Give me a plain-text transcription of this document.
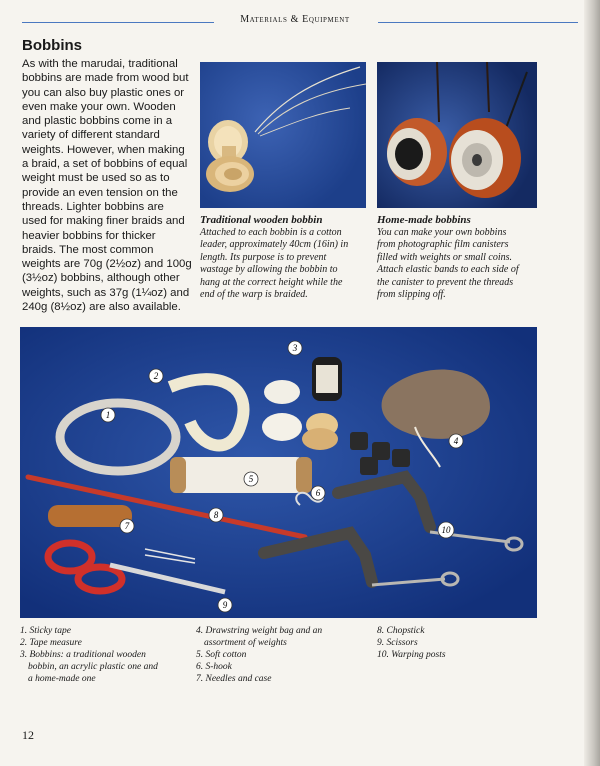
Materials & Equipment
Bobbins
As with the marudai, traditional
bobbins are made from wood but
you can also buy plastic ones or
even make your own. Wooden
and plastic bobbins come in a
variety of different standard
weights. However, when making
a braid, a set of bobbins of equal
weight must be used so as to
provide an even tension on the
threads. Lighter bobbins are
used for making finer braids and
heavier bobbins for thicker
braids. The most common
weights are 70g (2½oz) and 100g
(3½oz) bobbins, although other
weights, such as 37g (1¼oz) and
240g (8½oz) are also available.
Traditional wooden bobbin
Attached to each bobbin is a cotton
leader, approximately 40cm (16in) in
length. Its purpose is to prevent
wastage by allowing the bobbin to
hang at the correct height while the
end of the warp is braided.
Home-made bobbins
You can make your own bobbins
from photographic film canisters
filled with weights or small coins.
Attach elastic bands to each side of
the canister to prevent the threads
from slipping off.
1
2
3
4
5
6
7
8
9
10
1. Sticky tape
2. Tape measure
3. Bobbins: a traditional wooden
bobbin, an acrylic plastic one and
a home-made one
4. Drawstring weight bag and an
assortment of weights
5. Soft cotton
6. S-hook
7. Needles and case
8. Chopstick
9. Scissors
10. Warping posts
12
